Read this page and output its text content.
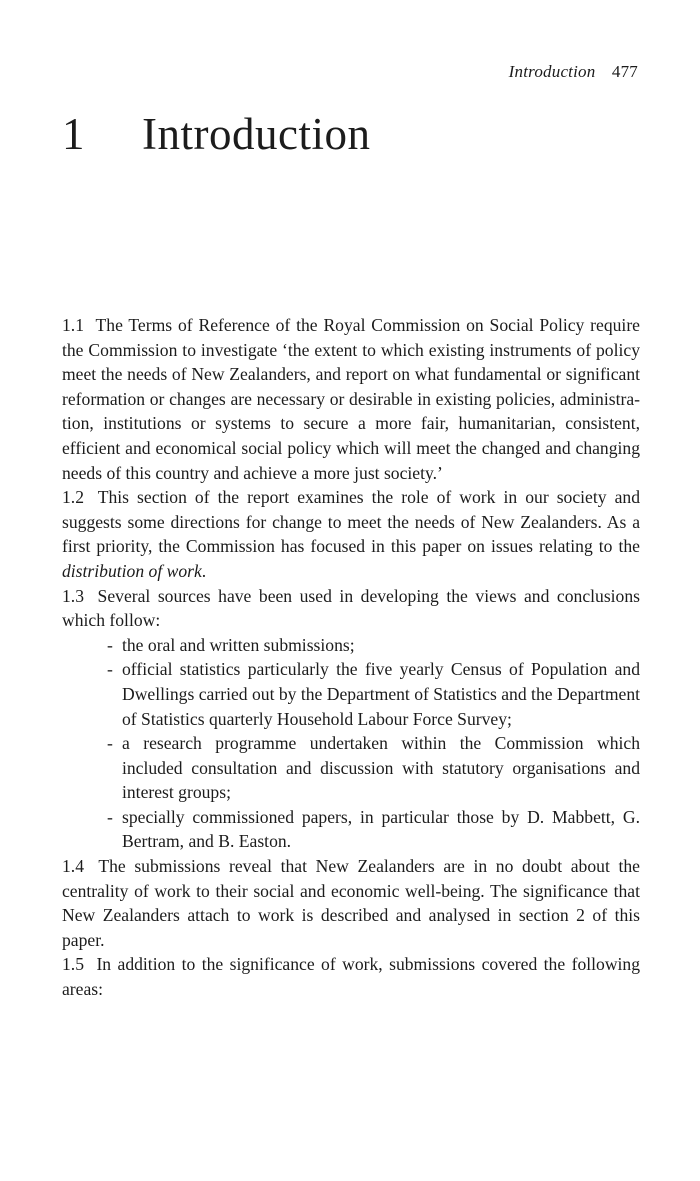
Introduction 477
1 Introduction

1.1 The Terms of Reference of the Royal Commission on Social Policy require the Commission to investigate ‘the extent to which existing instruments of policy meet the needs of New Zealanders, and report on what fundamental or significant reformation or changes are necessary or desirable in existing policies, administration, institutions or systems to secure a more fair, humanitarian, consistent, efficient and economical social policy which will meet the changed and changing needs of this country and achieve a more just society.’

1.2 This section of the report examines the role of work in our society and suggests some directions for change to meet the needs of New Zealanders. As a first priority, the Commission has focused in this paper on issues relating to the distribution of work.

1.3 Several sources have been used in developing the views and conclusions which follow:

- the oral and written submissions;
- official statistics particularly the five yearly Census of Population and Dwellings carried out by the Department of Statistics and the Department of Statistics quarterly Household Labour Force Survey;
- a research programme undertaken within the Commission which included consultation and discussion with statutory organisations and interest groups;
- specially commissioned papers, in particular those by D. Mabbett, G. Bertram, and B. Easton.

1.4 The submissions reveal that New Zealanders are in no doubt about the centrality of work to their social and economic well-being. The significance that New Zealanders attach to work is described and analysed in section 2 of this paper.

1.5 In addition to the significance of work, submissions covered the following areas:
